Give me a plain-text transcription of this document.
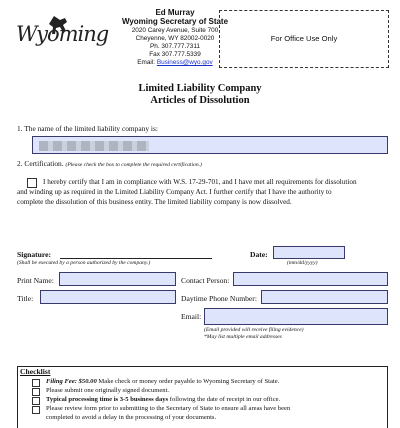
Wyoming
Ed Murray
Wyoming Secretary of State
2020 Carey Avenue, Suite 700
Cheyenne, WY 82002-0020
Ph. 307.777.7311
Fax 307.777.5339
Email: Business@wyo.gov
For Office Use Only
Limited Liability Company
Articles of Dissolution
1. The name of the limited liability company is:
2. Certification. (Please check the box to complete the required certification.)
I hereby certify that I am in compliance with W.S. 17-29-701, and I have met all requirements for dissolution
and winding up as required in the Limited Liability Company Act. I further certify that I have the authority to
complete the dissolution of this business entity. The limited liability company is now dissolved.
Signature:
(Shall be executed by a person authorized by the company.)
Date:
(mm/dd/yyyy)
Print Name:	Contact Person:
Title:	Daytime Phone Number:
Email:
(Email provided will receive filing evidence)
*May list multiple email addresses
Checklist
Filing Fee: $50.00 Make check or money order payable to Wyoming Secretary of State.
Please submit one originally signed document.
Typical processing time is 3-5 business days following the date of receipt in our office.
Please review form prior to submitting to the Secretary of State to ensure all areas have been
completed to avoid a delay in the processing of your documents.
